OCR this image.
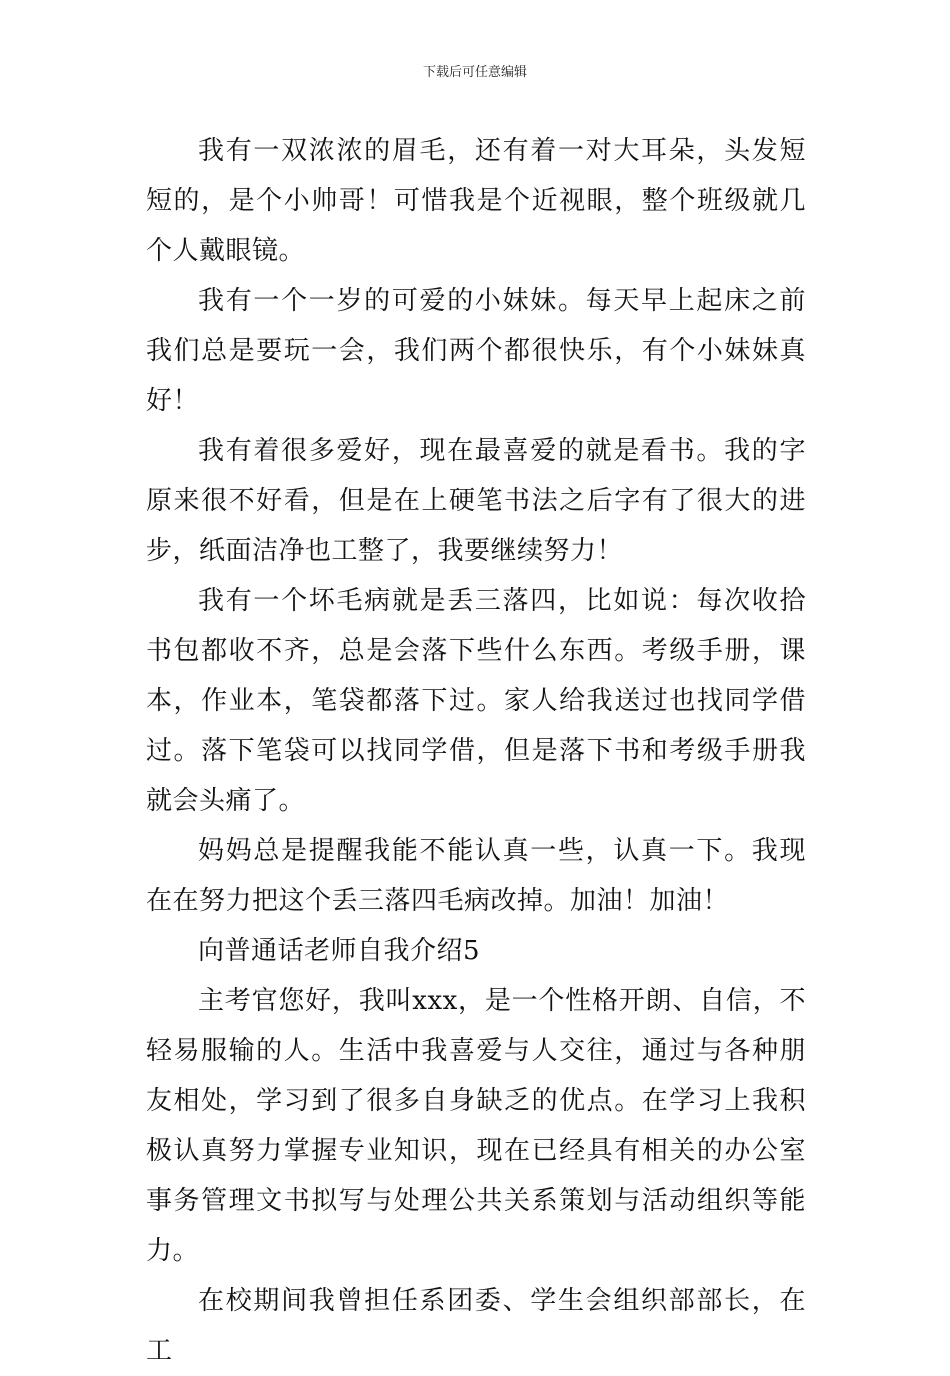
下载后可任意编辑

我有一双浓浓的眉毛，还有着一对大耳朵，头发短短的，是个小帅哥！可惜我是个近视眼，整个班级就几个人戴眼镜。

我有一个一岁的可爱的小妹妹。每天早上起床之前我们总是要玩一会，我们两个都很快乐，有个小妹妹真好！

我有着很多爱好，现在最喜爱的就是看书。我的字原来很不好看，但是在上硬笔书法之后字有了很大的进步，纸面洁净也工整了，我要继续努力！

我有一个坏毛病就是丢三落四，比如说：每次收拾书包都收不齐，总是会落下些什么东西。考级手册，课本，作业本，笔袋都落下过。家人给我送过也找同学借过。落下笔袋可以找同学借，但是落下书和考级手册我就会头痛了。

妈妈总是提醒我能不能认真一些，认真一下。我现在在努力把这个丢三落四毛病改掉。加油！加油！

向普通话老师自我介绍5

主考官您好，我叫xxx，是一个性格开朗、自信，不轻易服输的人。生活中我喜爱与人交往，通过与各种朋友相处，学习到了很多自身缺乏的优点。在学习上我积极认真努力掌握专业知识，现在已经具有相关的办公室事务管理文书拟写与处理公共关系策划与活动组织等能力。

在校期间我曾担任系团委、学生会组织部部长，在工
